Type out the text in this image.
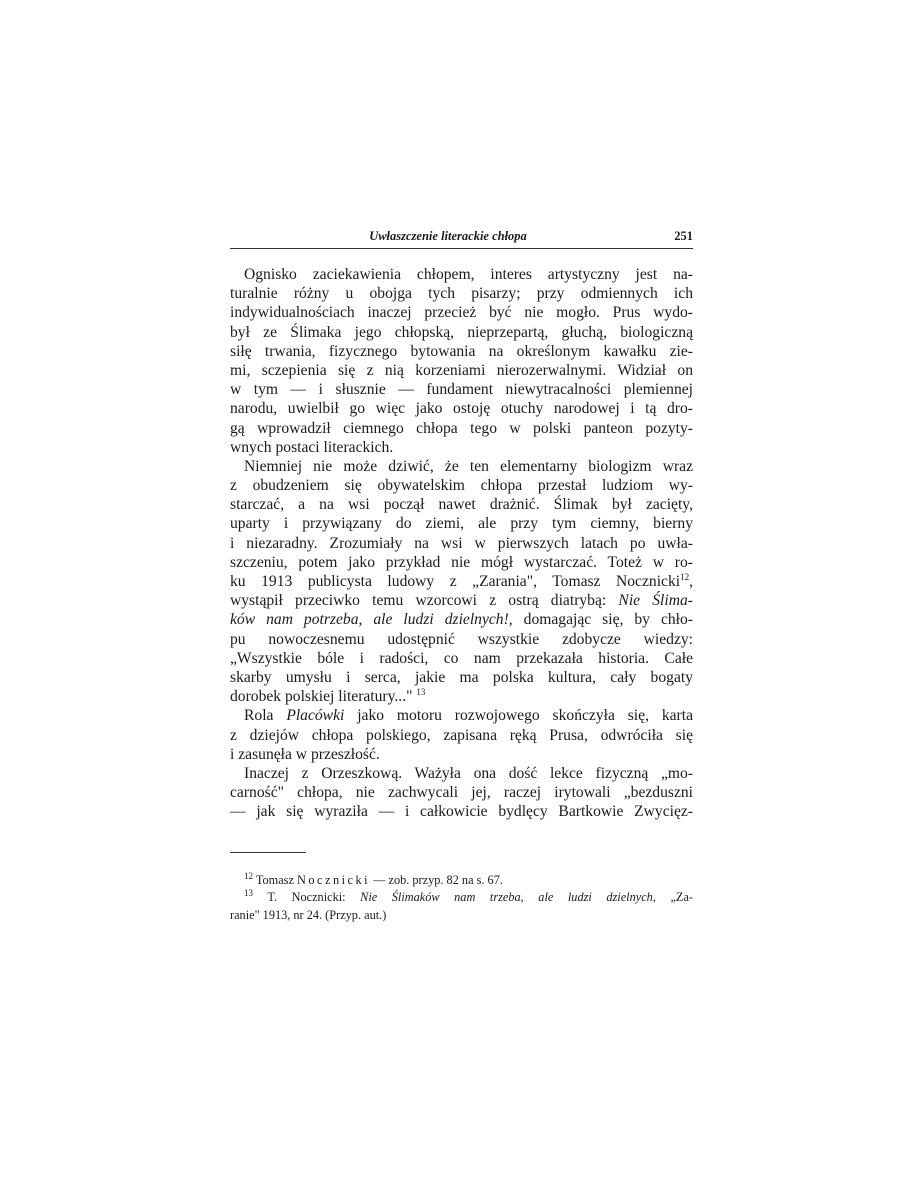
Uwłaszczenie literackie chłopa	251
Ognisko zaciekawienia chłopem, interes artystyczny jest na-
turalnie różny u obojga tych pisarzy; przy odmiennych ich
indywidualnościach inaczej przecież być nie mogło. Prus wydo-
był ze Ślimaka jego chłopską, nieprzepartą, głuchą, biologiczną
siłę trwania, fizycznego bytowania na określonym kawałku zie-
mi, sczepienia się z nią korzeniami nierozerwalnymi. Widział on
w tym — i słusznie — fundament niewytracalności plemiennej
narodu, uwielbił go więc jako ostoję otuchy narodowej i tą dro-
gą wprowadził ciemnego chłopa tego w polski panteon pozyty-
wnych postaci literackich.
Niemniej nie może dziwić, że ten elementarny biologizm wraz
z obudzeniem się obywatelskim chłopa przestał ludziom wy-
starczać, a na wsi począł nawet drażnić. Ślimak był zacięty,
uparty i przywiązany do ziemi, ale przy tym ciemny, bierny
i niezaradny. Zrozumiały na wsi w pierwszych latach po uwła-
szczeniu, potem jako przykład nie mógł wystarczać. Toteż w ro-
ku 1913 publicysta ludowy z „Zarania", Tomasz Nocznicki$^{12}$,
wystąpił przeciwko temu wzorcowi z ostrą diatrybą: Nie Ślima-
ków nam potrzeba, ale ludzi dzielnych!, domagając się, by chło-
pu nowoczesnemu udostępnić wszystkie zdobycze wiedzy:
„Wszystkie bóle i radości, co nam przekazała historia. Całe
skarby umysłu i serca, jakie ma polska kultura, cały bogaty
dorobek polskiej literatury..." $^{13}$
Rola Placówki jako motoru rozwojowego skończyła się, karta
z dziejów chłopa polskiego, zapisana ręką Prusa, odwróciła się
i zasunęła w przeszłość.
Inaczej z Orzeszkową. Ważyła ona dość lekce fizyczną „mo-
carność" chłopa, nie zachwycali jej, raczej irytowali „bezduszni
— jak się wyraziła — i całkowicie bydlęcy Bartkowie Zwycięz-
$^{12}$ Tomasz Nocznicki — zob. przyp. 82 na s. 67.
$^{13}$ T. Nocznicki: Nie Ślimaków nam trzeba, ale ludzi dzielnych, „Za-
ranie" 1913, nr 24. (Przyp. aut.)
